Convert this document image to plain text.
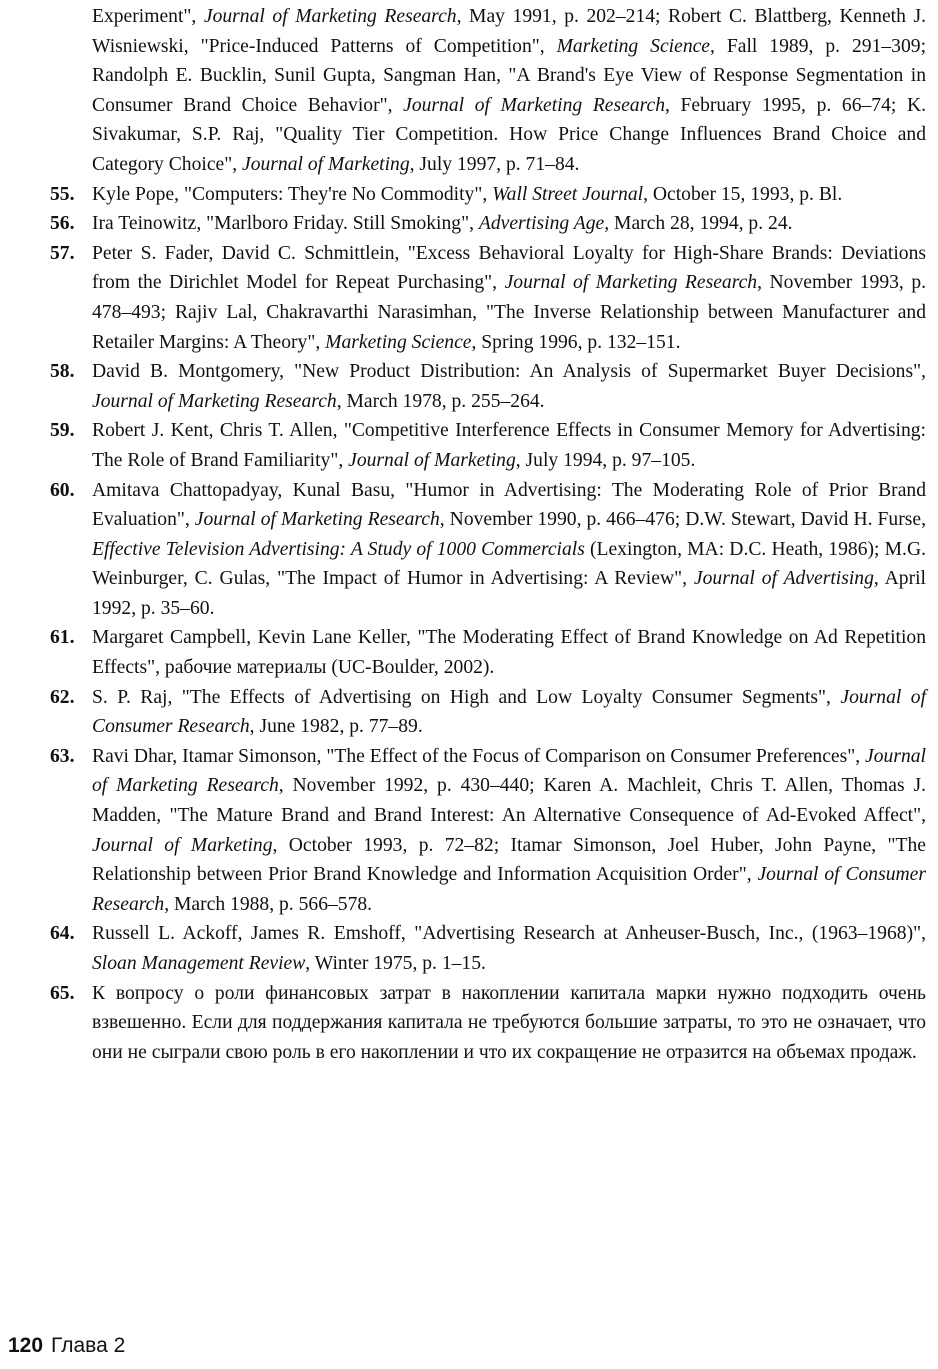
Experiment", Journal of Marketing Research, May 1991, p. 202–214; Robert C. Blattberg, Kenneth J. Wisniewski, "Price-Induced Patterns of Competition", Marketing Science, Fall 1989, p. 291–309; Randolph E. Bucklin, Sunil Gupta, Sangman Han, "A Brand's Eye View of Response Segmentation in Consumer Brand Choice Behavior", Journal of Marketing Research, February 1995, p. 66–74; K. Sivakumar, S.P. Raj, "Quality Tier Competition. How Price Change Influences Brand Choice and Category Choice", Journal of Marketing, July 1997, p. 71–84.
55. Kyle Pope, "Computers: They're No Commodity", Wall Street Journal, October 15, 1993, p. Bl.
56. Ira Teinowitz, "Marlboro Friday. Still Smoking", Advertising Age, March 28, 1994, p. 24.
57. Peter S. Fader, David C. Schmittlein, "Excess Behavioral Loyalty for High-Share Brands: Deviations from the Dirichlet Model for Repeat Purchasing", Journal of Marketing Research, November 1993, p. 478–493; Rajiv Lal, Chakravarthi Narasimhan, "The Inverse Relationship between Manufacturer and Retailer Margins: A Theory", Marketing Science, Spring 1996, p. 132–151.
58. David B. Montgomery, "New Product Distribution: An Analysis of Supermarket Buyer Decisions", Journal of Marketing Research, March 1978, p. 255–264.
59. Robert J. Kent, Chris T. Allen, "Competitive Interference Effects in Consumer Memory for Advertising: The Role of Brand Familiarity", Journal of Marketing, July 1994, p. 97–105.
60. Amitava Chattopadyay, Kunal Basu, "Humor in Advertising: The Moderating Role of Prior Brand Evaluation", Journal of Marketing Research, November 1990, p. 466–476; D.W. Stewart, David H. Furse, Effective Television Advertising: A Study of 1000 Commercials (Lexington, MA: D.C. Heath, 1986); M.G. Weinburger, C. Gulas, "The Impact of Humor in Advertising: A Review", Journal of Advertising, April 1992, p. 35–60.
61. Margaret Campbell, Kevin Lane Keller, "The Moderating Effect of Brand Knowledge on Ad Repetition Effects", рабочие материалы (UC-Boulder, 2002).
62. S. P. Raj, "The Effects of Advertising on High and Low Loyalty Consumer Segments", Journal of Consumer Research, June 1982, p. 77–89.
63. Ravi Dhar, Itamar Simonson, "The Effect of the Focus of Comparison on Consumer Preferences", Journal of Marketing Research, November 1992, p. 430–440; Karen A. Machleit, Chris T. Allen, Thomas J. Madden, "The Mature Brand and Brand Interest: An Alternative Consequence of Ad-Evoked Affect", Journal of Marketing, October 1993, p. 72–82; Itamar Simonson, Joel Huber, John Payne, "The Relationship between Prior Brand Knowledge and Information Acquisition Order", Journal of Consumer Research, March 1988, p. 566–578.
64. Russell L. Ackoff, James R. Emshoff, "Advertising Research at Anheuser-Busch, Inc., (1963–1968)", Sloan Management Review, Winter 1975, p. 1–15.
65. К вопросу о роли финансовых затрат в накоплении капитала марки нужно подходить очень взвешенно. Если для поддержания капитала не требуются большие затраты, то это не означает, что они не сыграли свою роль в его накоплении и что их сокращение не отразится на объемах продаж.
120 Глава 2
